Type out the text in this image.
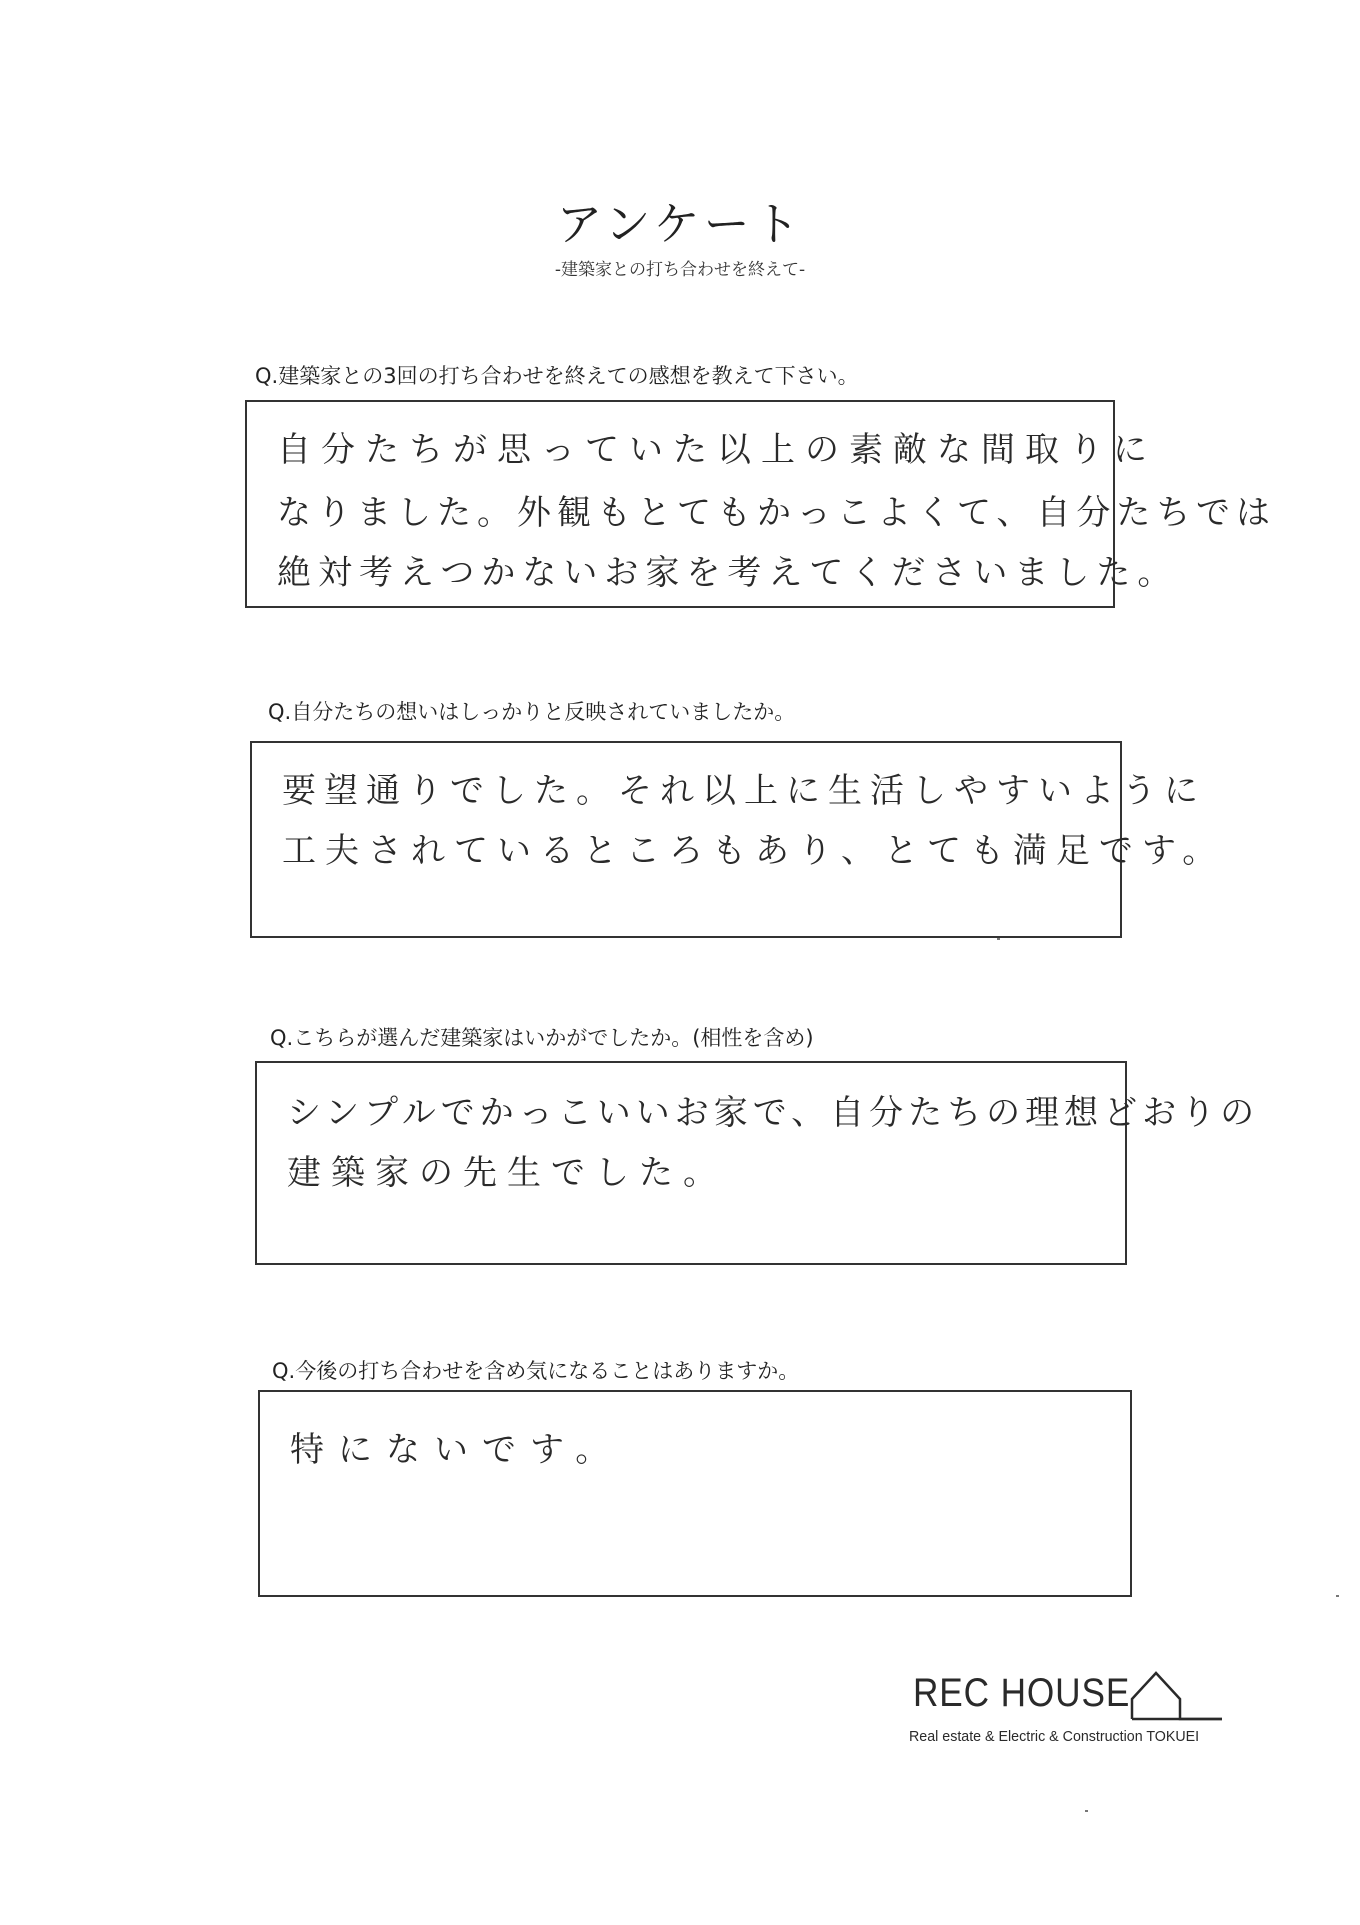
アンケート
-建築家との打ち合わせを終えて-
Q.建築家との3回の打ち合わせを終えての感想を教えて下さい。
自分たちが思っていた以上の素敵な間取りに
なりました。外観もとてもかっこよくて、自分たちでは
絶対考えつかないお家を考えてくださいました。
Q.自分たちの想いはしっかりと反映されていましたか。
要望通りでした。それ以上に生活しやすいように
工夫されているところもあり、とても満足です。
Q.こちらが選んだ建築家はいかがでしたか。(相性を含め)
シンプルでかっこいいお家で、自分たちの理想どおりの
建築家の先生でした。
Q.今後の打ち合わせを含め気になることはありますか。
特にないです。
REC HOUSE
Real estate & Electric & Construction TOKUEI
